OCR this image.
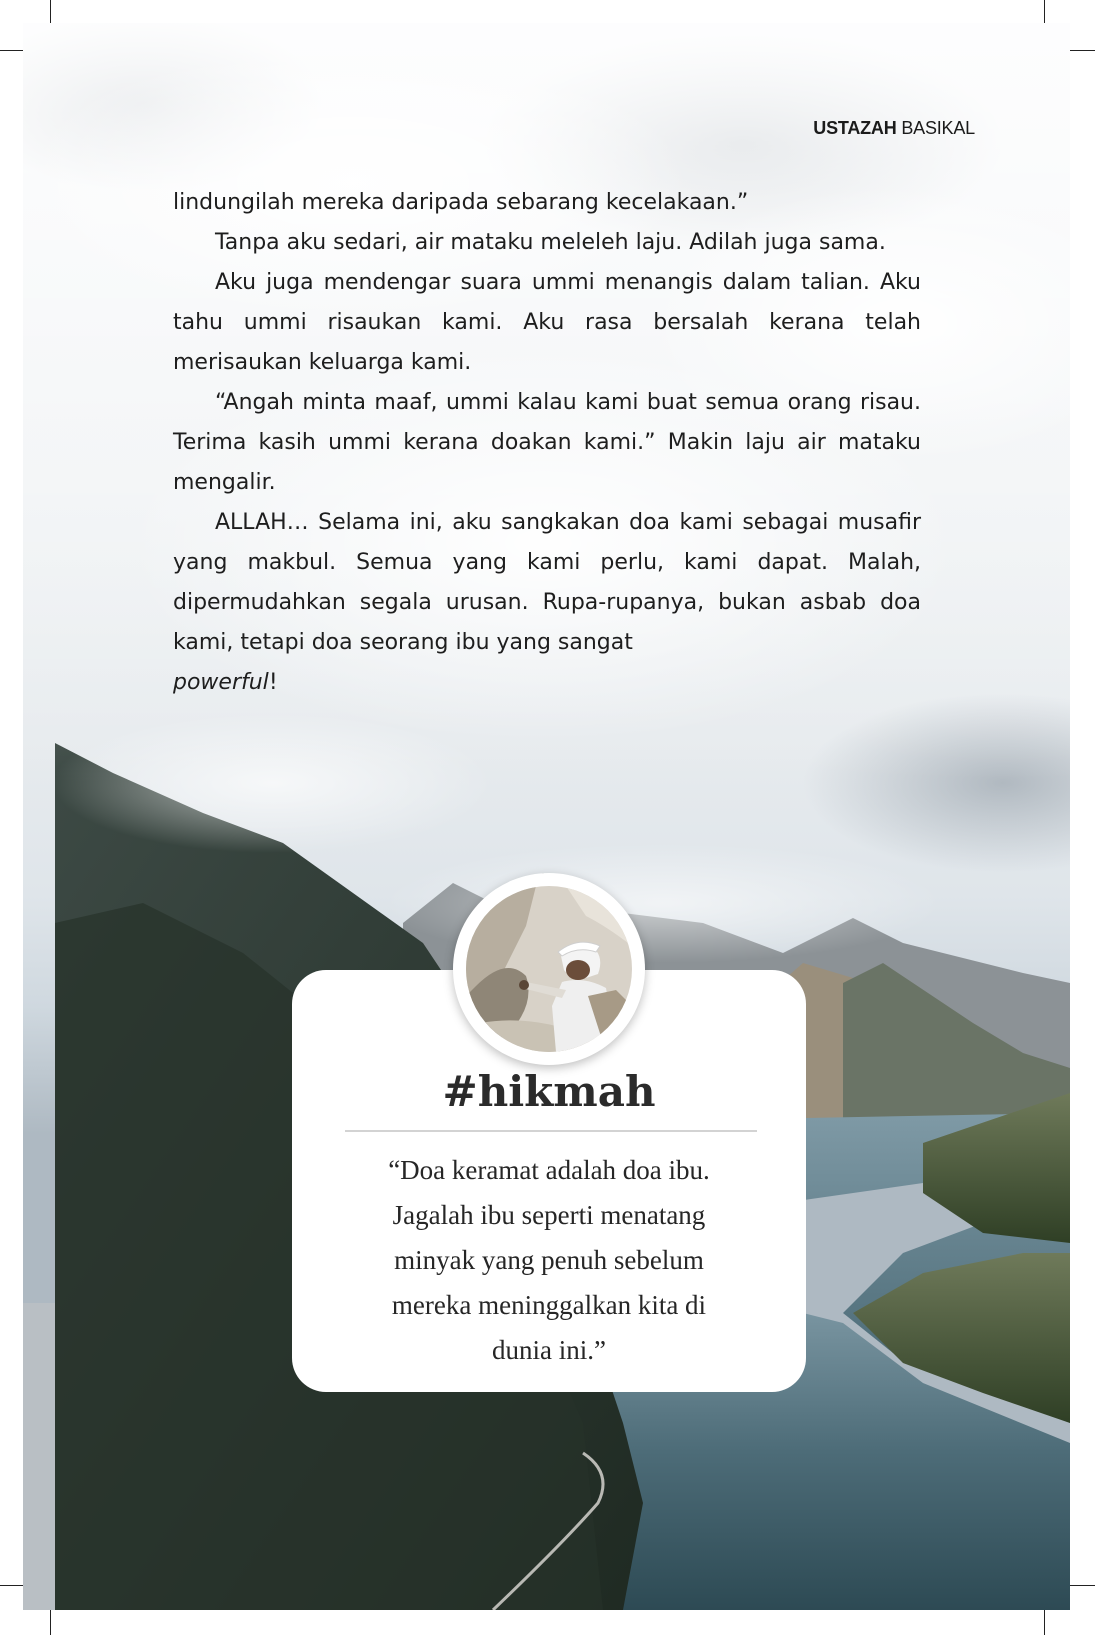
USTAZAH BASIKAL

lindungilah mereka daripada sebarang kecelakaan.”

Tanpa aku sedari, air mataku meleleh laju. Adilah juga sama.

Aku juga mendengar suara ummi menangis dalam talian. Aku tahu ummi risaukan kami. Aku rasa bersalah kerana telah merisaukan keluarga kami.

“Angah minta maaf, ummi kalau kami buat semua orang risau. Terima kasih ummi kerana doakan kami.” Makin laju air mataku mengalir.

ALLAH… Selama ini, aku sangkakan doa kami sebagai musafir yang makbul. Semua yang kami perlu, kami dapat. Malah, dipermudahkan segala urusan. Rupa-rupanya, bukan asbab doa kami, tetapi doa seorang ibu yang sangat
powerful!

#hikmah
“Doa keramat adalah doa ibu.
Jagalah ibu seperti menatang
minyak yang penuh sebelum
mereka meninggalkan kita di
dunia ini.”
